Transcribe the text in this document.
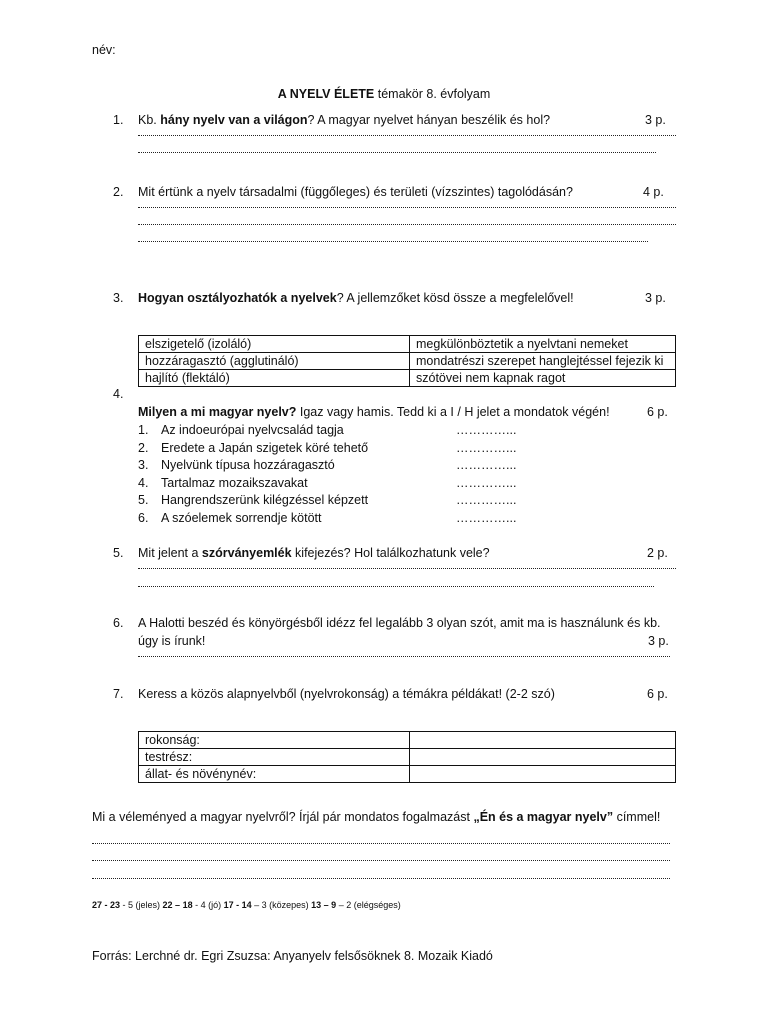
név:
A NYELV ÉLETE témakör 8. évfolyam
1. Kb. hány nyelv van a világon? A magyar nyelvet hányan beszélik és hol?	3 p.
2. Mit értünk a nyelv társadalmi (függőleges) és területi (vízszintes) tagolódásán?	4 p.
3. Hogyan osztályozhatók a nyelvek? A jellemzőket kösd össze a megfelelővel!	3 p.
elszigetelő (izoláló)	megkülönböztetik a nyelvtani nemeket
hozzáragasztó (agglutináló)	mondatrészi szerepet hanglejtéssel fejezik ki
hajlító (flektáló)	szótövei nem kapnak ragot
4.
Milyen a mi magyar nyelv? Igaz vagy hamis. Tedd ki a I / H jelet a mondatok végén!	6 p.
1. Az indoeurópai nyelvcsalád tagja	…………...
2. Eredete a Japán szigetek köré tehető	…………...
3. Nyelvünk típusa hozzáragasztó	…………...
4. Tartalmaz mozaikszavakat	…………...
5. Hangrendszerünk kilégzéssel képzett	…………...
6. A szóelemek sorrendje kötött	…………...
5. Mit jelent a szórványemlék kifejezés? Hol találkozhatunk vele?	2 p.
6. A Halotti beszéd és könyörgésből idézz fel legalább 3 olyan szót, amit ma is használunk és kb.
úgy is írunk!	3 p.
7. Keress a közös alapnyelvből (nyelvrokonság) a témákra példákat! (2-2 szó)	6 p.
rokonság:	
testrész:	
állat- és növénynév:	
Mi a véleményed a magyar nyelvről? Írjál pár mondatos fogalmazást „Én és a magyar nyelv” címmel!
27 - 23 - 5 (jeles) 22 – 18 - 4 (jó) 17 - 14 – 3 (közepes) 13 – 9 – 2 (elégséges)
Forrás: Lerchné dr. Egri Zsuzsa: Anyanyelv felsősöknek 8. Mozaik Kiadó
